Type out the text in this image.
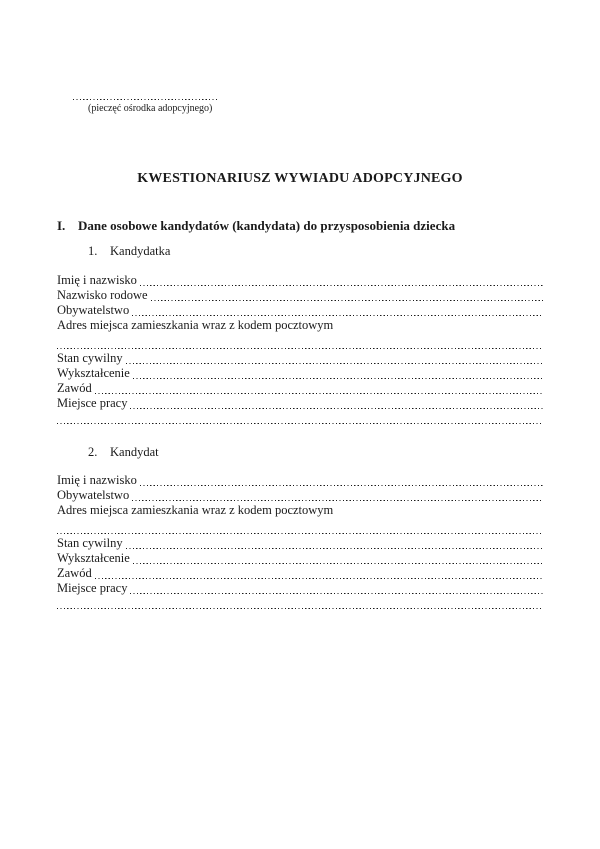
(pieczęć ośrodka adopcyjnego)
KWESTIONARIUSZ WYWIADU ADOPCYJNEGO
I. Dane osobowe kandydatów (kandydata) do przysposobienia dziecka
1. Kandydatka
Imię i nazwisko
Nazwisko rodowe
Obywatelstwo
Adres miejsca zamieszkania wraz z kodem pocztowym
Stan cywilny
Wykształcenie
Zawód
Miejsce pracy
2. Kandydat
Imię i nazwisko
Obywatelstwo
Adres miejsca zamieszkania wraz z kodem pocztowym
Stan cywilny
Wykształcenie
Zawód
Miejsce pracy
